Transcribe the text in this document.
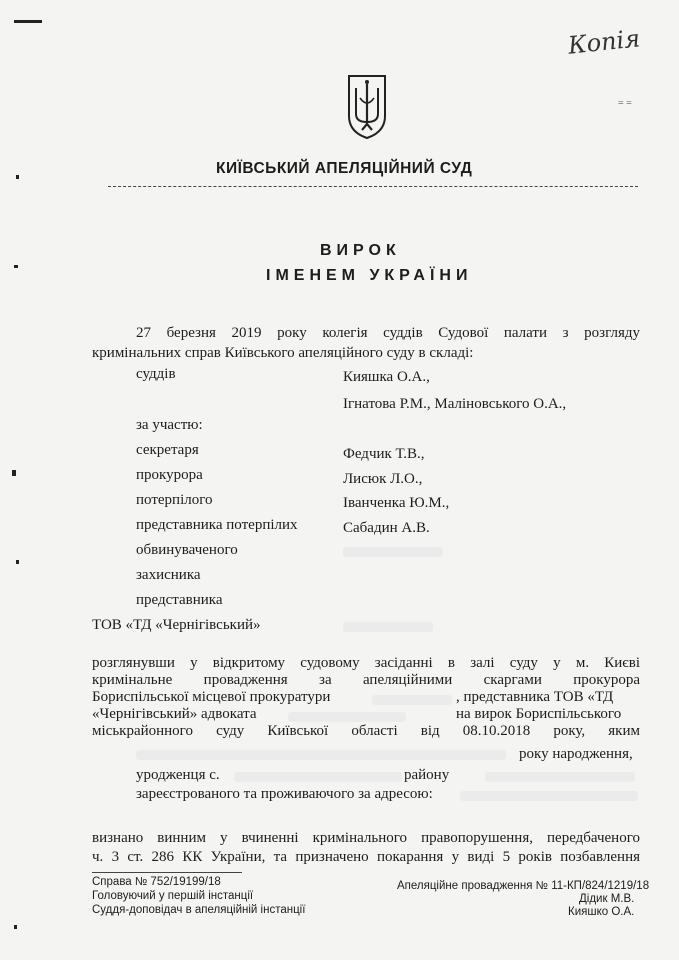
Копія
= =
КИЇВСЬКИЙ АПЕЛЯЦІЙНИЙ СУД
ВИРОК
ІМЕНЕМ УКРАЇНИ
27 березня 2019 року колегія суддів Судової палати з розгляду
кримінальних справ Київського апеляційного суду в складі:
суддів	Кияшка О.А.,
Ігнатова Р.М., Маліновського О.А.,
за участю:
секретаря	Федчик Т.В.,
прокурора	Лисюк Л.О.,
потерпілого	Іванченка Ю.М.,
представника потерпілих	Сабадин А.В.
обвинуваченого
захисника
представника
ТОВ «ТД «Чернігівський»
розглянувши у відкритому судовому засіданні в залі суду у м. Києві
кримінальне провадження за апеляційними скаргами прокурора
Бориспільської місцевої прокуратури	, представника ТОВ «ТД
«Чернігівський» адвоката	на вирок Бориспільського
міськрайонного суду Київської області від 08.10.2018 року, яким
року народження,
уродженця с.	району
зареєстрованого та проживаючого за адресою:
визнано винним у вчиненні кримінального правопорушення, передбаченого
ч. 3 ст. 286 КК України, та призначено покарання у виді 5 років позбавлення
Справа № 752/19199/18
Головуючий у першій інстанції
Суддя-доповідач в апеляційній інстанції
Апеляційне провадження № 11-КП/824/1219/18
Дідик М.В.
Кияшко О.А.
